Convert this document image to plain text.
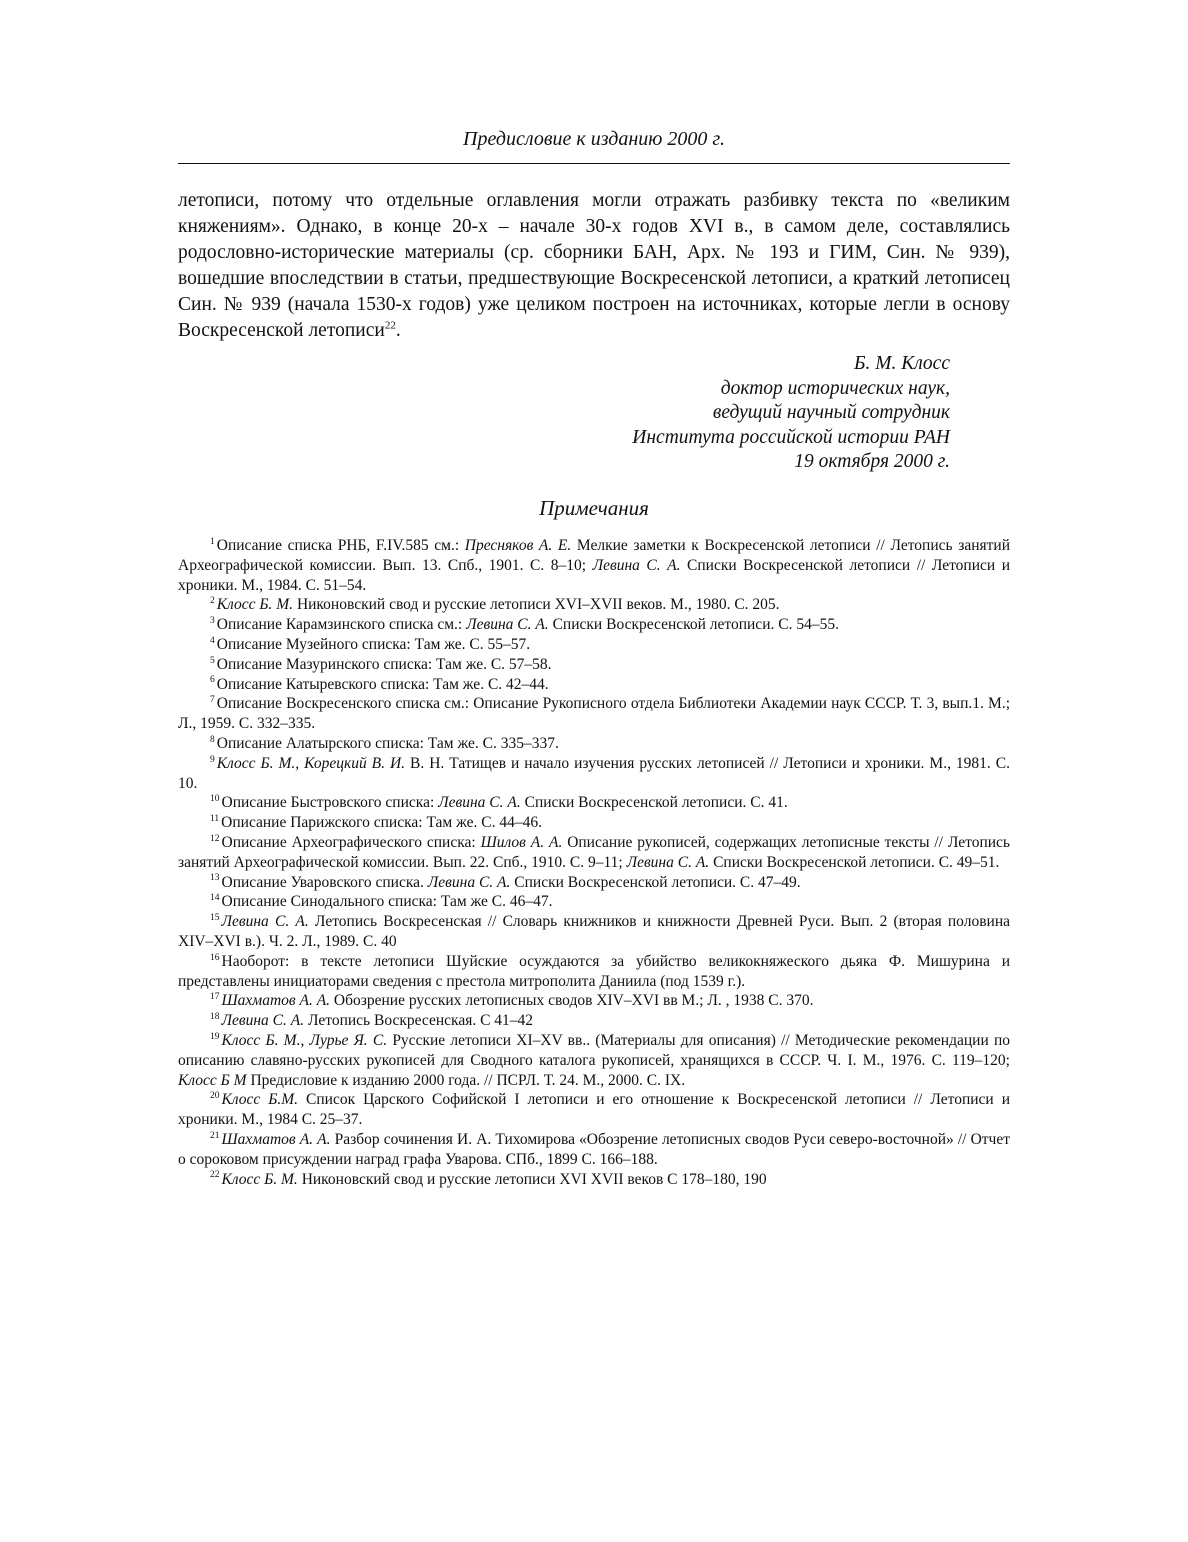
Предисловие к изданию 2000 г.

летописи, потому что отдельные оглавления могли отражать разбивку текста по «великим княжениям». Однако, в конце 20-х – начале 30-х годов XVI в., в самом деле, составлялись родословно-исторические материалы (ср. сборники БАН, Арх. № 193 и ГИМ, Син. № 939), вошедшие впоследствии в статьи, предшествующие Воскресенской летописи, а краткий летописец Син. № 939 (начала 1530-х годов) уже целиком построен на источниках, которые легли в основу Воскресенской летописи$^{22}$.

Б. М. Клосс
доктор исторических наук,
ведущий научный сотрудник
Института российской истории РАН
19 октября 2000 г.
Примечания

$^1$ Описание списка РНБ, F.IV.585 см.: Пресняков А. Е. Мелкие заметки к Воскресенской летописи // Летопись занятий Археографической комиссии. Вып. 13. Спб., 1901. С. 8–10; Левина С. А. Списки Воскресенской летописи // Летописи и хроники. М., 1984. С. 51–54.

$^2$ Клосс Б. М. Никоновский свод и русские летописи XVI–XVII веков. М., 1980. С. 205.

$^3$ Описание Карамзинского списка см.: Левина С. А. Списки Воскресенской летописи. С. 54–55.

$^4$ Описание Музейного списка: Там же. С. 55–57.

$^5$ Описание Мазуринского списка: Там же. С. 57–58.

$^6$ Описание Катыревского списка: Там же. С. 42–44.

$^7$ Описание Воскресенского списка см.: Описание Рукописного отдела Библиотеки Академии наук СССР. Т. 3, вып.1. М.; Л., 1959. С. 332–335.

$^8$ Описание Алатырского списка: Там же. С. 335–337.

$^9$ Клосс Б. М., Корецкий В. И. В. Н. Татищев и начало изучения русских летописей // Летописи и хроники. М., 1981. С. 10.

$^{10}$ Описание Быстровского списка: Левина С. А. Списки Воскресенской летописи. С. 41.

$^{11}$ Описание Парижского списка: Там же. С. 44–46.

$^{12}$ Описание Археографического списка: Шилов А. А. Описание рукописей, содержащих летописные тексты // Летопись занятий Археографической комиссии. Вып. 22. Спб., 1910. С. 9–11; Левина С. А. Списки Воскресенской летописи. С. 49–51.

$^{13}$ Описание Уваровского списка. Левина С. А. Списки Воскресенской летописи. С. 47–49.

$^{14}$ Описание Синодального списка: Там же С. 46–47.

$^{15}$ Левина С. А. Летопись Воскресенская // Словарь книжников и книжности Древней Руси. Вып. 2 (вторая половина XIV–XVI в.). Ч. 2. Л., 1989. С. 40

$^{16}$ Наоборот: в тексте летописи Шуйские осуждаются за убийство великокняжеского дьяка Ф. Мишурина и представлены инициаторами сведения с престола митрополита Даниила (под 1539 г.).

$^{17}$ Шахматов А. А. Обозрение русских летописных сводов XIV–XVI вв М.; Л. , 1938 С. 370.

$^{18}$ Левина С. А. Летопись Воскресенская. С 41–42

$^{19}$ Клосс Б. М., Лурье Я. С. Русские летописи XI–XV вв.. (Материалы для описания) // Методические рекомендации по описанию славяно-русских рукописей для Сводного каталога рукописей, хранящихся в СССР. Ч. I. М., 1976. С. 119–120; Клосс Б М Предисловие к изданию 2000 года. // ПСРЛ. Т. 24. М., 2000. С. IX.

$^{20}$ Клосс Б.М. Список Царского Софийской I летописи и его отношение к Воскресенской летописи // Летописи и хроники. М., 1984 С. 25–37.

$^{21}$ Шахматов А. А. Разбор сочинения И. А. Тихомирова «Обозрение летописных сводов Руси северо-восточной» // Отчет о сороковом присуждении наград графа Уварова. СПб., 1899 С. 166–188.

$^{22}$ Клосс Б. М. Никоновский свод и русские летописи XVI XVII веков С 178–180, 190
